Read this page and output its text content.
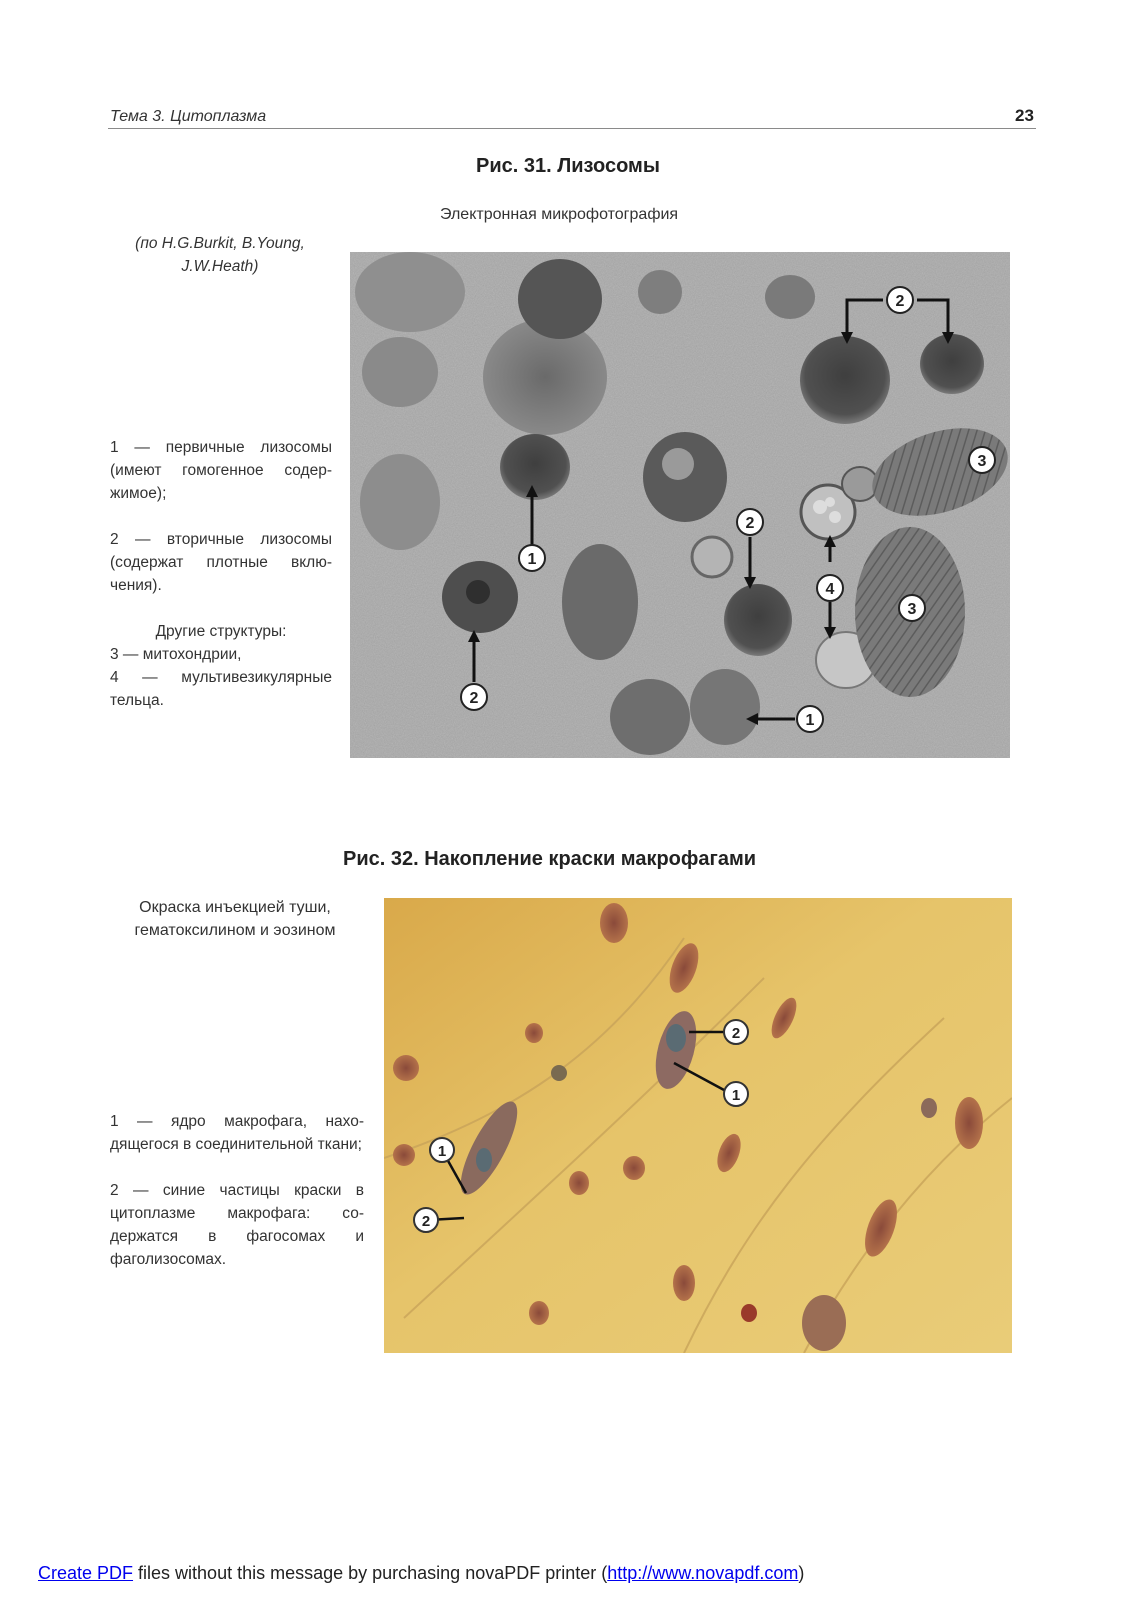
Тема 3. Цитоплазма	23
Рис. 31. Лизосомы
Электронная микрофотография
(по H.G.Burkit, B.Young, J.W.Heath)

1 — первичные лизосомы (имеют гомогенное содер-жимое);

2 — вторичные лизосомы (содержат плотные вклю-чения).

Другие структуры:

3 — митохондрии,

4 — мультивезикулярные тельца.

2
3
1
2
4
3
2
1
Рис. 32. Накопление краски макрофагами
Окраска инъекцией туши, гематоксилином и эозином

1 — ядро макрофага, нахо-дящегося в соединительной ткани;

2 — синие частицы краски в цитоплазме макрофага: со-держатся в фагосомах и фаголизосомах.

2
1
1
2
Create PDF files without this message by purchasing novaPDF printer (http://www.novapdf.com)
